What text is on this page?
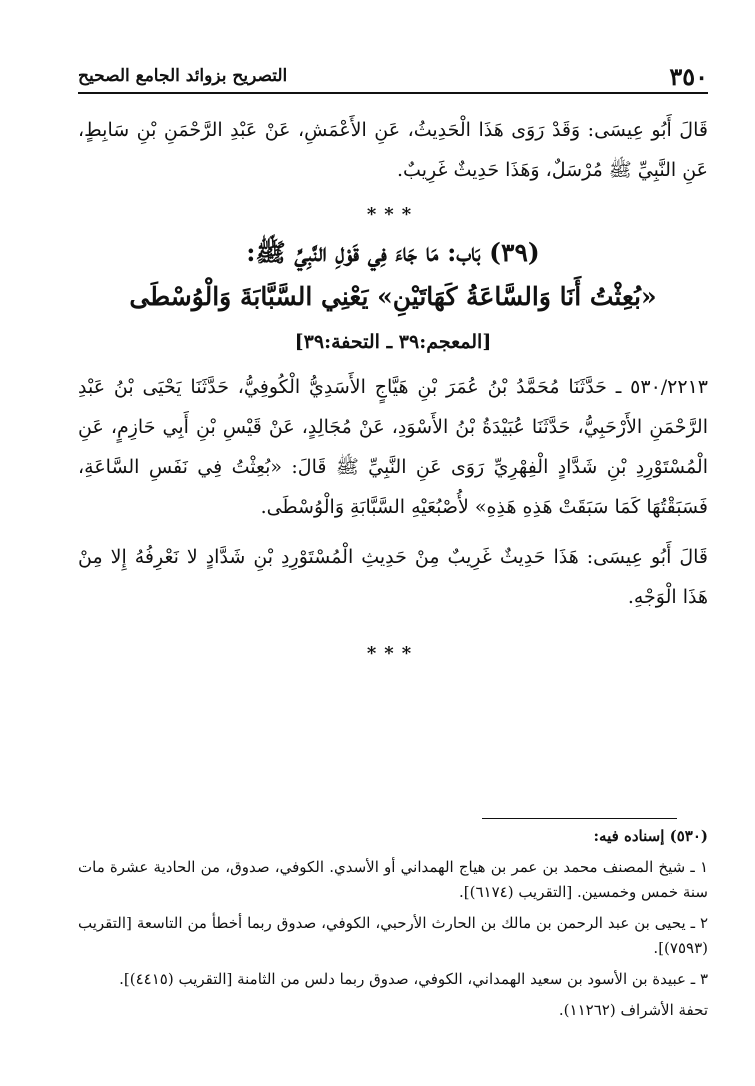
٣٥٠
التصريح بزوائد الجامع الصحيح

قَالَ أَبُو عِيسَى: وَقَدْ رَوَى هَذَا الْحَدِيثُ، عَنِ الأَعْمَشِ، عَنْ عَبْدِ الرَّحْمَنِ بْنِ سَابِطٍ، عَنِ النَّبِيِّ ﷺ مُرْسَلٌ، وَهَذَا حَدِيثٌ غَرِيبٌ.

***
(٣٩) بَاب: مَا جَاءَ فِي قَوْلِ النَّبِيِّ ﷺ:
«بُعِثْتُ أَنَا وَالسَّاعَةُ كَهَاتَيْنِ» يَعْنِي السَّبَّابَةَ وَالْوُسْطَى
[المعجم:٣٩ ـ التحفة:٣٩]

٥٣٠/٢٢١٣ ـ حَدَّثَنَا مُحَمَّدُ بْنُ عُمَرَ بْنِ هَيَّاجٍ الأَسَدِيُّ الْكُوفِيُّ، حَدَّثَنَا يَحْيَى بْنُ عَبْدِ الرَّحْمَنِ الأَرْحَبِيُّ، حَدَّثَنَا عُبَيْدَةُ بْنُ الأَسْوَدِ، عَنْ مُجَالِدٍ، عَنْ قَيْسِ بْنِ أَبِي حَازِمٍ، عَنِ الْمُسْتَوْرِدِ بْنِ شَدَّادٍ الْفِهْرِيِّ رَوَى عَنِ النَّبِيِّ ﷺ قَالَ: «بُعِثْتُ فِي نَفَسِ السَّاعَةِ، فَسَبَقْتُهَا كَمَا سَبَقَتْ هَذِهِ هَذِهِ» لأُصْبُعَيْهِ السَّبَّابَةِ وَالْوُسْطَى.

قَالَ أَبُو عِيسَى: هَذَا حَدِيثٌ غَرِيبٌ مِنْ حَدِيثِ الْمُسْتَوْرِدِ بْنِ شَدَّادٍ لا نَعْرِفُهُ إِلا مِنْ هَذَا الْوَجْهِ.

***

(٥٣٠) إسناده فيه:

١ ـ شيخ المصنف محمد بن عمر بن هياج الهمداني أو الأسدي. الكوفي، صدوق، من الحادية عشرة مات سنة خمس وخمسين. [التقريب (٦١٧٤)].

٢ ـ يحيى بن عبد الرحمن بن مالك بن الحارث الأرحبي، الكوفي، صدوق ربما أخطأ من التاسعة [التقريب (٧٥٩٣)].

٣ ـ عبيدة بن الأسود بن سعيد الهمداني، الكوفي، صدوق ربما دلس من الثامنة [التقريب (٤٤١٥)].

تحفة الأشراف (١١٢٦٢).
